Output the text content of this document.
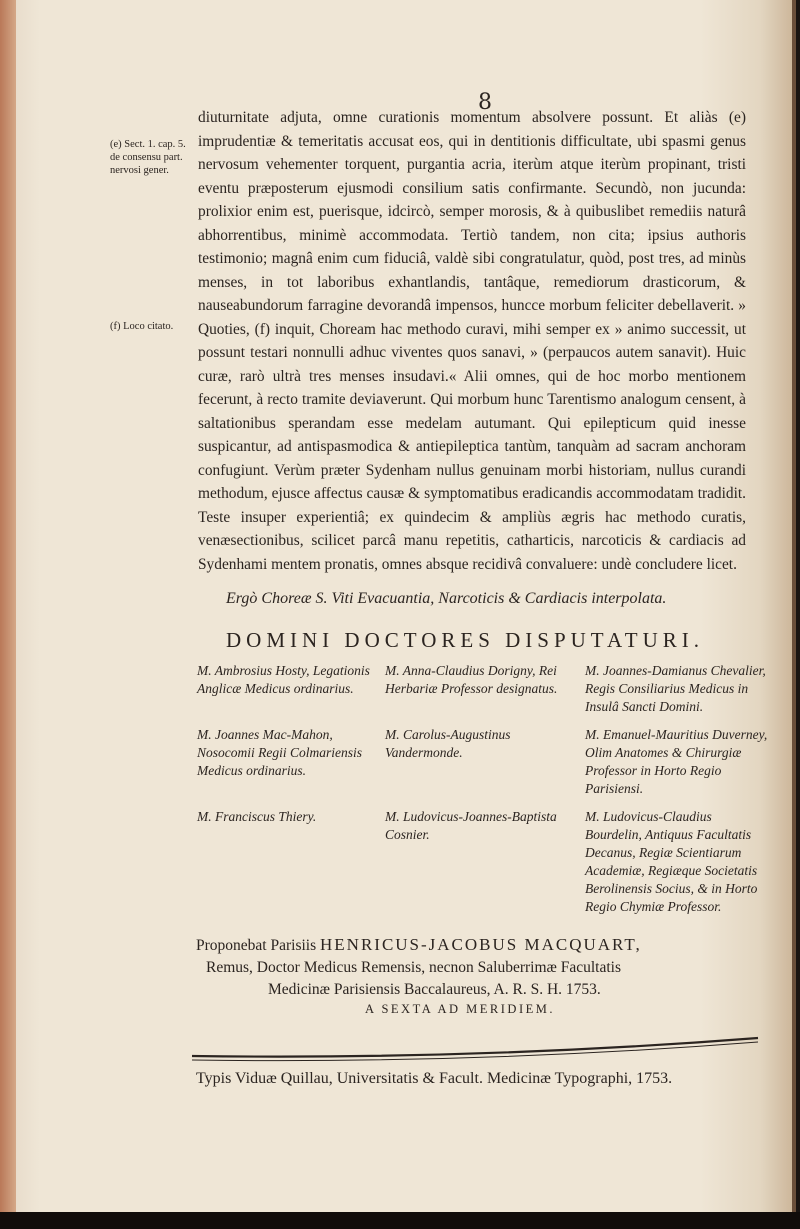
8
(e) Sect. 1. cap. 5. de consensu part. nervosi gener.
(f) Loco citato.

diuturnitate adjuta, omne curationis momentum absolvere possunt. Et aliàs (e) imprudentiæ & temeritatis accusat eos, qui in dentitionis difficultate, ubi spasmi genus nervosum vehementer torquent, purgantia acria, iterùm atque iterùm propinant, tristi eventu præposterum ejusmodi consilium satis confirmante. Secundò, non jucunda: prolixior enim est, puerisque, idcircò, semper morosis, & à quibuslibet remediis naturâ abhorrentibus, minimè accommodata. Tertiò tandem, non cita; ipsius authoris testimonio; magnâ enim cum fiduciâ, valdè sibi congratulatur, quòd, post tres, ad minùs menses, in tot laboribus exhantlandis, tantâque, remediorum drasticorum, & nauseabundorum farragine devorandâ impensos, huncce morbum feliciter debellaverit. » Quoties, (f) inquit, Choream hac methodo curavi, mihi semper ex » animo successit, ut possunt testari nonnulli adhuc viventes quos sanavi, » (perpaucos autem sanavit). Huic curæ, rarò ultrà tres menses insudavi.« Alii omnes, qui de hoc morbo mentionem fecerunt, à recto tramite deviaverunt. Qui morbum hunc Tarentismo analogum censent, à saltationibus sperandam esse medelam autumant. Qui epilepticum quid inesse suspicantur, ad antispasmodica & antiepileptica tantùm, tanquàm ad sacram anchoram confugiunt. Verùm præter Sydenham nullus genuinam morbi historiam, nullus curandi methodum, ejusce affectus causæ & symptomatibus eradicandis accommodatam tradidit. Teste insuper experientiâ; ex quindecim & ampliùs ægris hac methodo curatis, venæsectionibus, scilicet parcâ manu repetitis, catharticis, narcoticis & cardiacis ad Sydenhami mentem pronatis, omnes absque recidivâ convaluere: undè concludere licet.

Ergò Choreæ S. Viti Evacuantia, Narcoticis & Cardiacis interpolata.
DOMINI DOCTORES DISPUTATURI.
M. Ambrosius Hosty, Legationis Anglicæ Medicus ordinarius.
M. Anna-Claudius Dorigny, Rei Herbariæ Professor designatus.
M. Joannes-Damianus Chevalier, Regis Consiliarius Medicus in Insulâ Sancti Domini.
M. Joannes Mac-Mahon, Nosocomii Regii Colmariensis Medicus ordinarius.
M. Carolus-Augustinus Vandermonde.
M. Emanuel-Mauritius Duverney, Olim Anatomes & Chirurgiæ Professor in Horto Regio Parisiensi.
M. Franciscus Thiery.	M. Ludovicus-Joannes-Baptista Cosnier.
M. Ludovicus-Claudius Bourdelin, Antiquus Facultatis Decanus, Regiæ Scientiarum Academiæ, Regiæque Societatis Berolinensis Socius, & in Horto Regio Chymiæ Professor.
Proponebat Parisiis HENRICUS-JACOBUS MACQUART,
Remus, Doctor Medicus Remensis, necnon Saluberrimæ Facultatis
Medicinæ Parisiensis Baccalaureus, A. R. S. H. 1753.
A SEXTA AD MERIDIEM.
Typis Viduæ Quillau, Universitatis & Facult. Medicinæ Typographi, 1753.
